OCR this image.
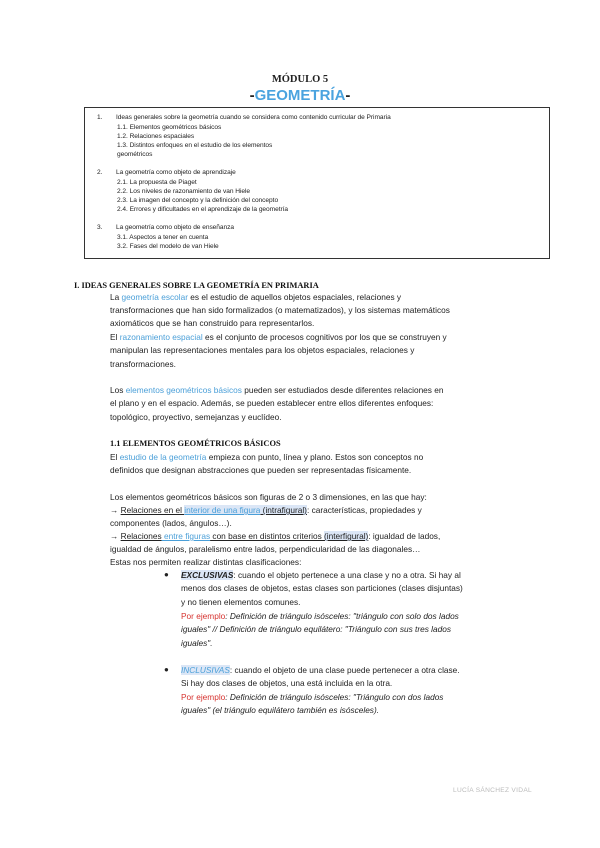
MÓDULO 5
-GEOMETRÍA-
1. Ideas generales sobre la geometría cuando se considera como contenido curricular de Primaria
1.1. Elementos geométricos básicos
1.2. Relaciones espaciales
1.3. Distintos enfoques en el estudio de los elementos
geométricos
2. La geometría como objeto de aprendizaje
2.1. La propuesta de Piaget
2.2. Los niveles de razonamiento de van Hiele
2.3. La imagen del concepto y la definición del concepto
2.4. Errores y dificultades en el aprendizaje de la geometría
3. La geometría como objeto de enseñanza
3.1. Aspectos a tener en cuenta
3.2. Fases del modelo de van Hiele
I. IDEAS GENERALES SOBRE LA GEOMETRÍA EN PRIMARIA
La geometría escolar es el estudio de aquellos objetos espaciales, relaciones y
transformaciones que han sido formalizados (o matematizados), y los sistemas matemáticos
axiomáticos que se han construido para representarlos.
El razonamiento espacial es el conjunto de procesos cognitivos por los que se construyen y
manipulan las representaciones mentales para los objetos espaciales, relaciones y
transformaciones.
Los elementos geométricos básicos pueden ser estudiados desde diferentes relaciones en
el plano y en el espacio. Además, se pueden establecer entre ellos diferentes enfoques:
topológico, proyectivo, semejanzas y euclídeo.
1.1 ELEMENTOS GEOMÉTRICOS BÁSICOS
El estudio de la geometría empieza con punto, línea y plano. Estos son conceptos no
definidos que designan abstracciones que pueden ser representadas físicamente.
Los elementos geométricos básicos son figuras de 2 o 3 dimensiones, en las que hay:
→ Relaciones en el interior de una figura (intrafigural): características, propiedades y
componentes (lados, ángulos…).
→ Relaciones entre figuras con base en distintos criterios (interfigural): igualdad de lados,
igualdad de ángulos, paralelismo entre lados, perpendicularidad de las diagonales…
Estas nos permiten realizar distintas clasificaciones:
● EXCLUSIVAS: cuando el objeto pertenece a una clase y no a otra. Si hay al
menos dos clases de objetos, estas clases son particiones (clases disjuntas)
y no tienen elementos comunes.
Por ejemplo: Definición de triángulo isósceles: "triángulo con solo dos lados
iguales" // Definición de triángulo equilátero: "Triángulo con sus tres lados
iguales".
● INCLUSIVAS: cuando el objeto de una clase puede pertenecer a otra clase.
Si hay dos clases de objetos, una está incluida en la otra.
Por ejemplo: Definición de triángulo isósceles: "Triángulo con dos lados
iguales" (el triángulo equilátero también es isósceles).
LUCÍA SÁNCHEZ VIDAL
